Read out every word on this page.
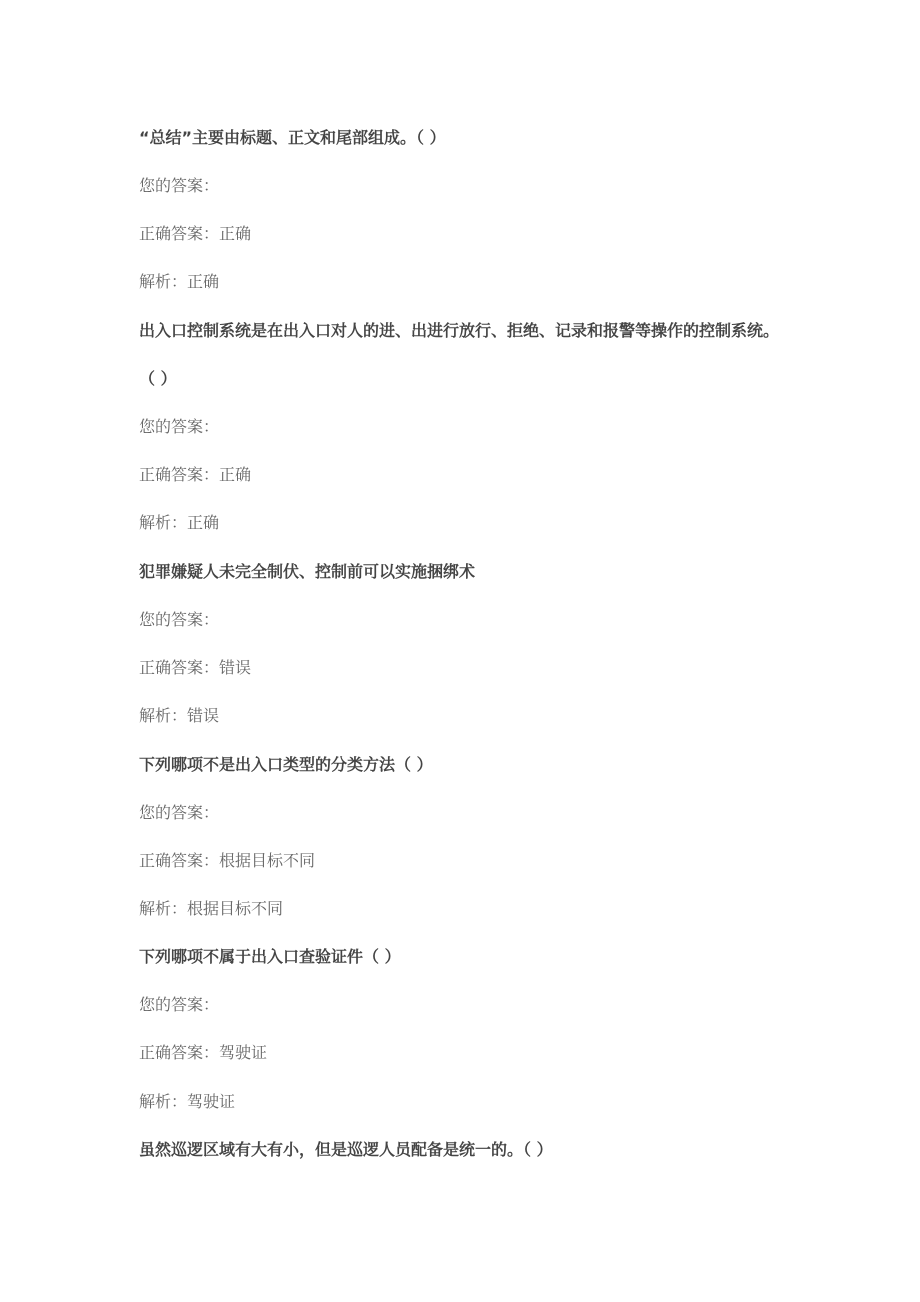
“总结”主要由标题、正文和尾部组成。（ ）
您的答案：
正确答案：正确
解析：正确
出入口控制系统是在出入口对人的进、出进行放行、拒绝、记录和报警等操作的控制系统。
（ ）
您的答案：
正确答案：正确
解析：正确
犯罪嫌疑人未完全制伏、控制前可以实施捆绑术
您的答案：
正确答案：错误
解析：错误
下列哪项不是出入口类型的分类方法（ ）
您的答案：
正确答案：根据目标不同
解析：根据目标不同
下列哪项不属于出入口查验证件（ ）
您的答案：
正确答案：驾驶证
解析：驾驶证
虽然巡逻区域有大有小，但是巡逻人员配备是统一的。（ ）
